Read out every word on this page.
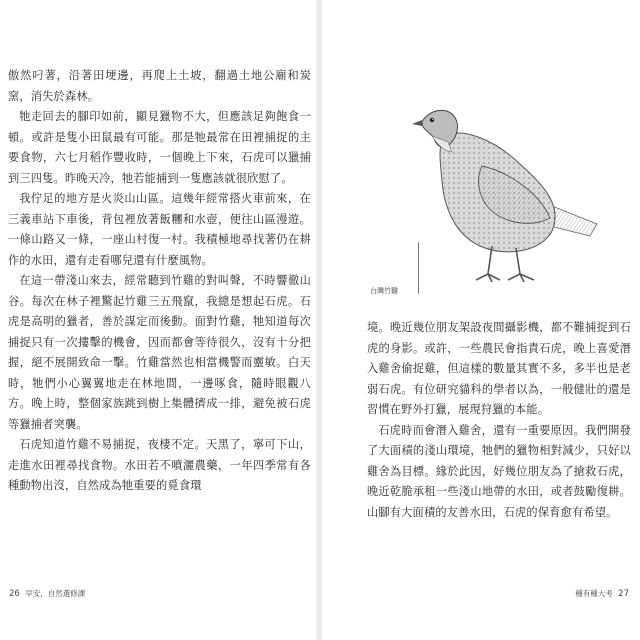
傲然叼著，沿著田埂邊，再爬上土坡，翻過土地公廟和炭窯，消失於森林。

牠走回去的腳印如前，顯見獵物不大，但應該足夠飽食一頓。或許是隻小田鼠最有可能。那是牠最常在田裡捕捉的主要食物，六七月稻作豐收時，一個晚上下來，石虎可以獵捕到三四隻。昨晚天冷，牠若能捕到一隻應該就很欣慰了。

我佇足的地方是火炎山山區。這幾年經常搭火車前來，在三義車站下車後，背包裡放著飯糰和水壺，便往山區漫遊。一條山路又一條，一座山村復一村。我積極地尋找著仍在耕作的水田，還有走看哪兒還有什麼風物。

在這一帶淺山來去，經常聽到竹雞的對叫聲，不時響徹山谷。每次在林子裡驚起竹雞三五飛竄，我總是想起石虎。石虎是高明的獵者，善於謀定而後動。面對竹雞，牠知道每次捕捉只有一次摟擊的機會，因而都會等待很久，沒有十分把握，絕不展開致命一擊。竹雞當然也相當機警而靈敏。白天時，牠們小心翼翼地走在林地間，一邊啄食，隨時眼觀八方。晚上時，整個家族跳到樹上集體擠成一排，避免被石虎等獵捕者突襲。

石虎知道竹雞不易捕捉，夜棲不定。天黑了，寧可下山，走進水田裡尋找食物。水田若不噴灑農藥，一年四季常有各種動物出沒，自然成為牠重要的覓食環

26 早安，自然選修課
台灣竹雞

境。晚近幾位朋友架設夜間攝影機，都不難捕捉到石虎的身影。或許，一些農民會指責石虎，晚上喜愛潛入雞舍偷捉雞，但這樣的數量其實不多，多半也是老弱石虎。有位研究貓科的學者以為，一般健壯的還是習慣在野外打獵，展現狩獵的本能。

石虎時而會潛入雞舍，還有一重要原因。我們開發了大面積的淺山環境，牠們的獵物相對減少，只好以雞舍為目標。緣於此因，好幾位朋友為了搶救石虎，晚近乾脆承租一些淺山地帶的水田，或者鼓勵復耕。山腳有大面積的友善水田，石虎的保育愈有希望。

種有種大考 27
